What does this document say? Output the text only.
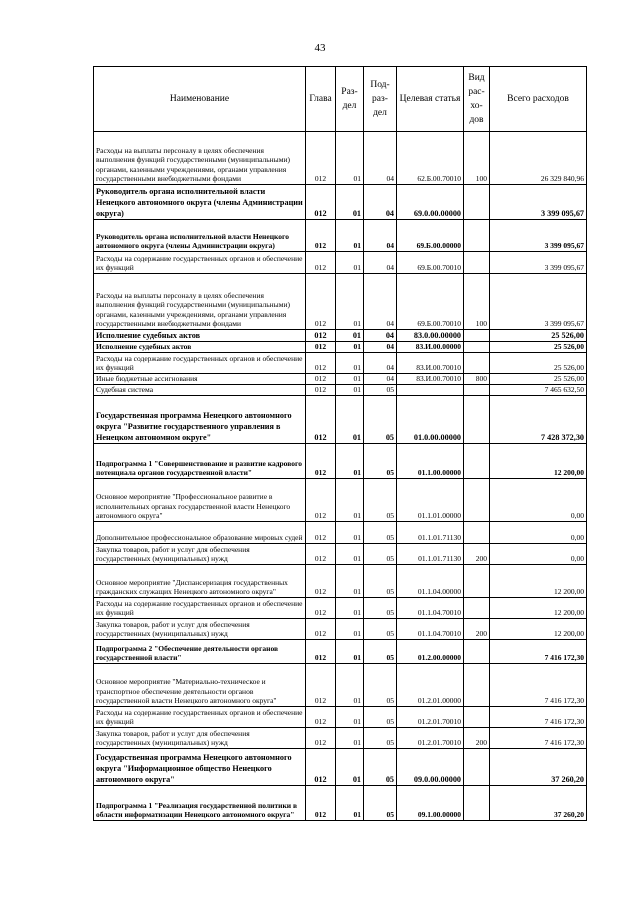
43
Наименование	Глава	Раз- дел	Под- раз- дел	Целевая статья	Вид рас- хо- дов	Всего расходов
Расходы на выплаты персоналу в целях обеспечения выполнения функций государственными (муниципальными) органами, казенными учреждениями, органами управления государственными внебюджетными фондами	012	01	04	62.Б.00.70010	100	26 329 840,96
Руководитель органа исполнительной власти Ненецкого автономного округа (члены Администрации округа)	012	01	04	69.0.00.00000		3 399 095,67
Руководитель органа исполнительной власти Ненецкого автономного округа (члены Администрации округа)	012	01	04	69.Б.00.00000		3 399 095,67
Расходы на содержание государственных органов и обеспечение их функций	012	01	04	69.Б.00.70010		3 399 095,67
Расходы на выплаты персоналу в целях обеспечения выполнения функций государственными (муниципальными) органами, казенными учреждениями, органами управления государственными внебюджетными фондами	012	01	04	69.Б.00.70010	100	3 399 095,67
Исполнение судебных актов	012	01	04	83.0.00.00000		25 526,00
Исполнение судебных актов	012	01	04	83.И.00.00000		25 526,00
Расходы на содержание государственных органов и обеспечение их функций	012	01	04	83.И.00.70010		25 526,00
Иные бюджетные ассигнования	012	01	04	83.И.00.70010	800	25 526,00
Судебная система	012	01	05			7 465 632,50
Государственная программа Ненецкого автономного округа "Развитие государственного управления в Ненецком автономном округе"	012	01	05	01.0.00.00000		7 428 372,30
Подпрограмма 1 "Совершенствование и развитие кадрового потенциала органов государственной власти"	012	01	05	01.1.00.00000		12 200,00
Основное мероприятие "Профессиональное развитие в исполнительных органах государственной власти Ненецкого автономного округа"	012	01	05	01.1.01.00000		0,00
Дополнительное профессиональное образование мировых судей	012	01	05	01.1.01.71130		0,00
Закупка товаров, работ и услуг для обеспечения государственных (муниципальных) нужд	012	01	05	01.1.01.71130	200	0,00
Основное мероприятие "Диспансеризация государственных гражданских служащих Ненецкого автономного округа"	012	01	05	01.1.04.00000		12 200,00
Расходы на содержание государственных органов и обеспечение их функций	012	01	05	01.1.04.70010		12 200,00
Закупка товаров, работ и услуг для обеспечения государственных (муниципальных) нужд	012	01	05	01.1.04.70010	200	12 200,00
Подпрограмма 2 "Обеспечение деятельности органов государственной власти"	012	01	05	01.2.00.00000		7 416 172,30
Основное мероприятие "Материально-техническое и транспортное обеспечение деятельности органов государственной власти Ненецкого автономного округа"	012	01	05	01.2.01.00000		7 416 172,30
Расходы на содержание государственных органов и обеспечение их функций	012	01	05	01.2.01.70010		7 416 172,30
Закупка товаров, работ и услуг для обеспечения государственных (муниципальных) нужд	012	01	05	01.2.01.70010	200	7 416 172,30
Государственная программа Ненецкого автономного округа "Информационное общество Ненецкого автономного округа"	012	01	05	09.0.00.00000		37 260,20
Подпрограмма 1 "Реализация государственной политики в области информатизации Ненецкого автономного округа"	012	01	05	09.1.00.00000		37 260,20
